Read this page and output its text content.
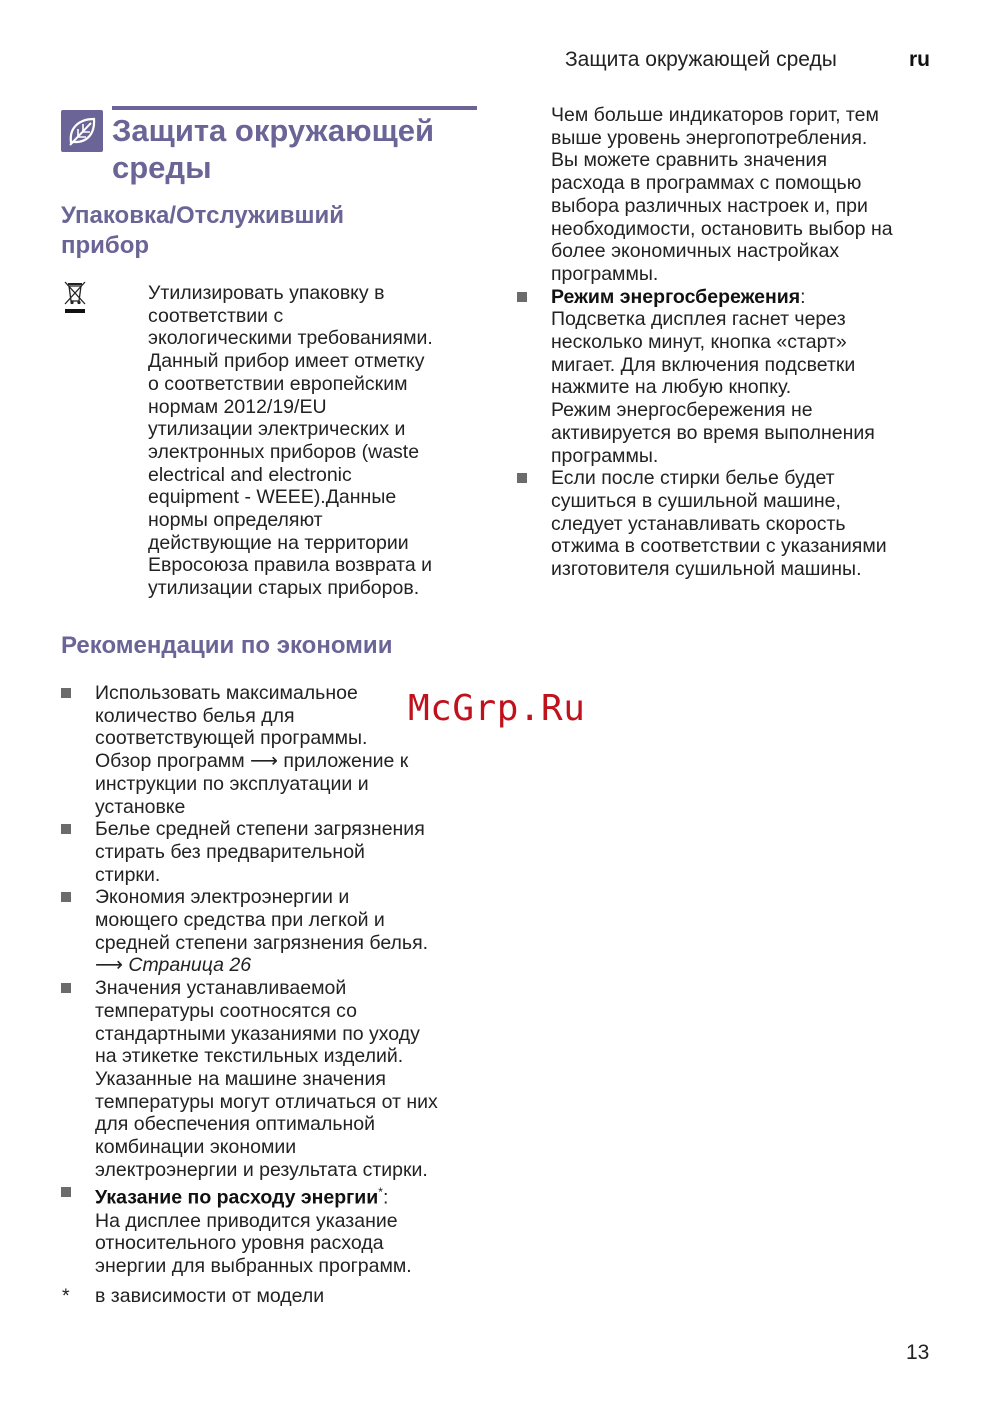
Защита окружающей среды	ru
Защита окружающей
среды
Упаковка/Отслуживший
прибор
Утилизировать упаковку в
соответствии с
экологическими требованиями.
Данный прибор имеет отметку
о соответствии европейским
нормам 2012/19/EU
утилизации электрических и
электронных приборов (waste
electrical and electronic
equipment - WEEE).Данные
нормы определяют
действующие на территории
Евросоюза правила возврата и
утилизации старых приборов.
Рекомендации по экономии
Использовать максимальное
количество белья для
соответствующей программы.
Обзор программ ⟶ приложение к
инструкции по эксплуатации и
установке
Белье средней степени загрязнения
стирать без предварительной
стирки.
Экономия электроэнергии и
моющего средства при легкой и
средней степени загрязнения белья.
⟶ Страница 26
Значения устанавливаемой
температуры соотносятся со
стандартными указаниями по уходу
на этикетке текстильных изделий.
Указанные на машине значения
температуры могут отличаться от них
для обеспечения оптимальной
комбинации экономии
электроэнергии и результата стирки.
Указание по расходу энергии*:
На дисплее приводится указание
относительного уровня расхода
энергии для выбранных программ.
*	в зависимости от модели
Чем больше индикаторов горит, тем
выше уровень энергопотребления.
Вы можете сравнить значения
расхода в программах с помощью
выбора различных настроек и, при
необходимости, остановить выбор на
более экономичных настройках
программы.
Режим энергосбережения:
Подсветка дисплея гаснет через
несколько минут, кнопка «старт»
мигает. Для включения подсветки
нажмите на любую кнопку.
Режим энергосбережения не
активируется во время выполнения
программы.
Если после стирки белье будет
сушиться в сушильной машине,
следует устанавливать скорость
отжима в соответствии с указаниями
изготовителя сушильной машины.
McGrp.Ru
13
